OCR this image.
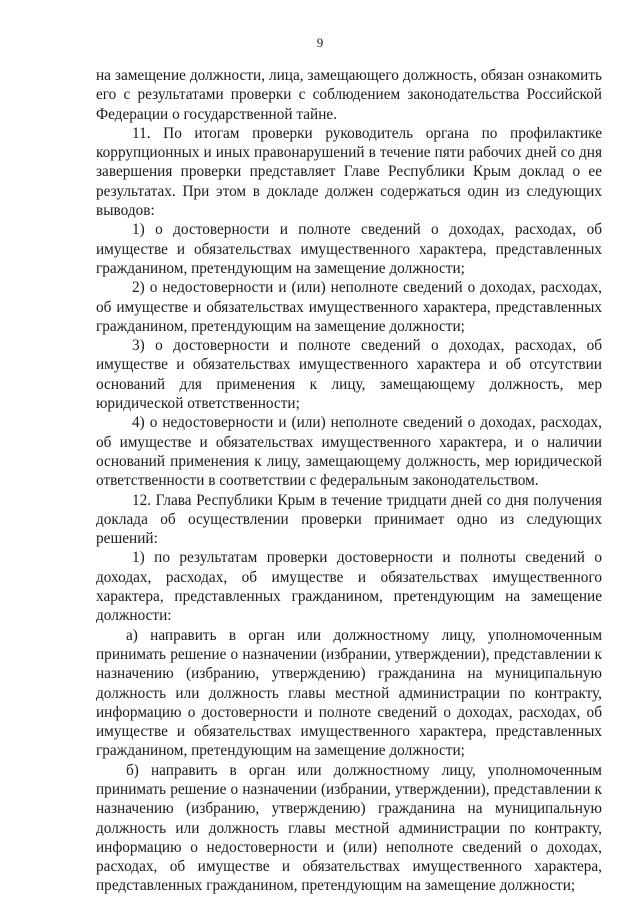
9

на замещение должности, лица, замещающего должность, обязан ознакомить его с результатами проверки с соблюдением законодательства Российской Федерации о государственной тайне.

11. По итогам проверки руководитель органа по профилактике коррупционных и иных правонарушений в течение пяти рабочих дней со дня завершения проверки представляет Главе Республики Крым доклад о ее результатах. При этом в докладе должен содержаться один из следующих выводов:

1) о достоверности и полноте сведений о доходах, расходах, об имуществе и обязательствах имущественного характера, представленных гражданином, претендующим на замещение должности;

2) о недостоверности и (или) неполноте сведений о доходах, расходах, об имуществе и обязательствах имущественного характера, представленных гражданином, претендующим на замещение должности;

3) о достоверности и полноте сведений о доходах, расходах, об имуществе и обязательствах имущественного характера и об отсутствии оснований для применения к лицу, замещающему должность, мер юридической ответственности;

4) о недостоверности и (или) неполноте сведений о доходах, расходах, об имуществе и обязательствах имущественного характера, и о наличии оснований применения к лицу, замещающему должность, мер юридической ответственности в соответствии с федеральным законодательством.

12. Глава Республики Крым в течение тридцати дней со дня получения доклада об осуществлении проверки принимает одно из следующих решений:

1) по результатам проверки достоверности и полноты сведений о доходах, расходах, об имуществе и обязательствах имущественного характера, представленных гражданином, претендующим на замещение должности:

а) направить в орган или должностному лицу, уполномоченным принимать решение о назначении (избрании, утверждении), представлении к назначению (избранию, утверждению) гражданина на муниципальную должность или должность главы местной администрации по контракту, информацию о достоверности и полноте сведений о доходах, расходах, об имуществе и обязательствах имущественного характера, представленных гражданином, претендующим на замещение должности;

б) направить в орган или должностному лицу, уполномоченным принимать решение о назначении (избрании, утверждении), представлении к назначению (избранию, утверждению) гражданина на муниципальную должность или должность главы местной администрации по контракту, информацию о недостоверности и (или) неполноте сведений о доходах, расходах, об имуществе и обязательствах имущественного характера, представленных гражданином, претендующим на замещение должности;
